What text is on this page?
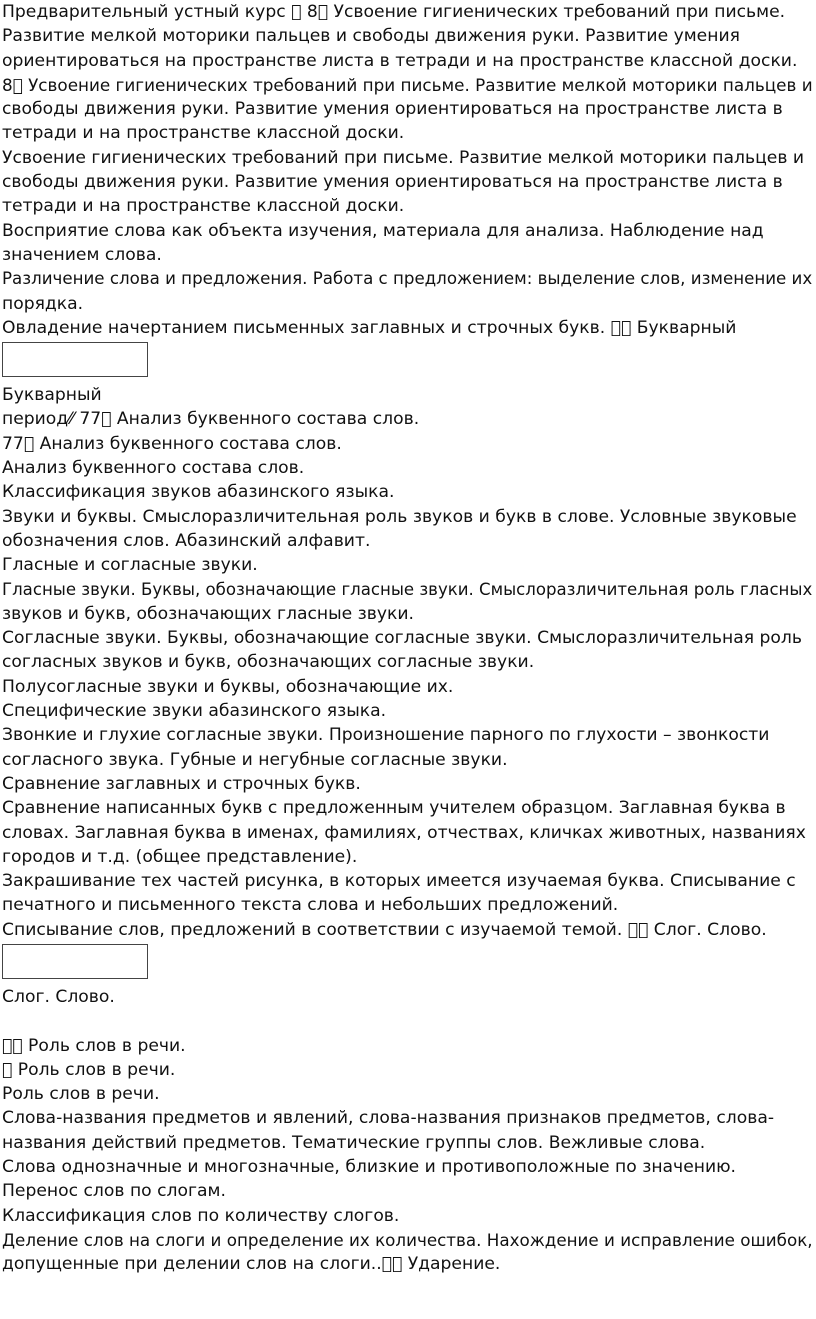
Предварительный устный курс 8 Усвоение гигиенических требований при письме.
Развитие мелкой моторики пальцев и свободы движения руки. Развитие умения
ориентироваться на пространстве листа в тетради и на пространстве классной доски.
8 Усвоение гигиенических требований при письме. Развитие мелкой моторики пальцев и
свободы движения руки. Развитие умения ориентироваться на пространстве листа в
тетради и на пространстве классной доски.
Усвоение гигиенических требований при письме. Развитие мелкой моторики пальцев и
свободы движения руки. Развитие умения ориентироваться на пространстве листа в
тетради и на пространстве классной доски.
Восприятие слова как объекта изучения, материала для анализа. Наблюдение над
значением слова.
Различение слова и предложения. Работа с предложением: выделение слов, изменение их
порядка.
Овладение начертанием письменных заглавных и строчных букв. Букварный
Букварный
период⁄⁄ 77 Анализ буквенного состава слов.
77 Анализ буквенного состава слов.
Анализ буквенного состава слов.
Классификация звуков абазинского языка.
Звуки и буквы. Смыслоразличительная роль звуков и букв в слове. Условные звуковые
обозначения слов. Абазинский алфавит.
Гласные и согласные звуки.
Гласные звуки. Буквы, обозначающие гласные звуки. Смыслоразличительная роль гласных
звуков и букв, обозначающих гласные звуки.
Согласные звуки. Буквы, обозначающие согласные звуки. Смыслоразличительная роль
согласных звуков и букв, обозначающих согласные звуки.
Полусогласные звуки и буквы, обозначающие их.
Специфические звуки абазинского языка.
Звонкие и глухие согласные звуки. Произношение парного по глухости – звонкости
согласного звука. Губные и негубные согласные звуки.
Сравнение заглавных и строчных букв.
Сравнение написанных букв с предложенным учителем образцом. Заглавная буква в
словах. Заглавная буква в именах, фамилиях, отчествах, кличках животных, названиях
городов и т.д. (общее представление).
Закрашивание тех частей рисунка, в которых имеется изучаемая буква. Списывание с
печатного и письменного текста слова и небольших предложений.
Списывание слов, предложений в соответствии с изучаемой темой. Слог. Слово.
Слог. Слово.
Роль слов в речи.
Роль слов в речи.
Роль слов в речи.
Слова-названия предметов и явлений, слова-названия признаков предметов, слова-
названия действий предметов. Тематические группы слов. Вежливые слова.
Слова однозначные и многозначные, близкие и противоположные по значению.
Перенос слов по слогам.
Классификация слов по количеству слогов.
Деление слов на слоги и определение их количества. Нахождение и исправление ошибок,
допущенные при делении слов на слоги.. Ударение.
